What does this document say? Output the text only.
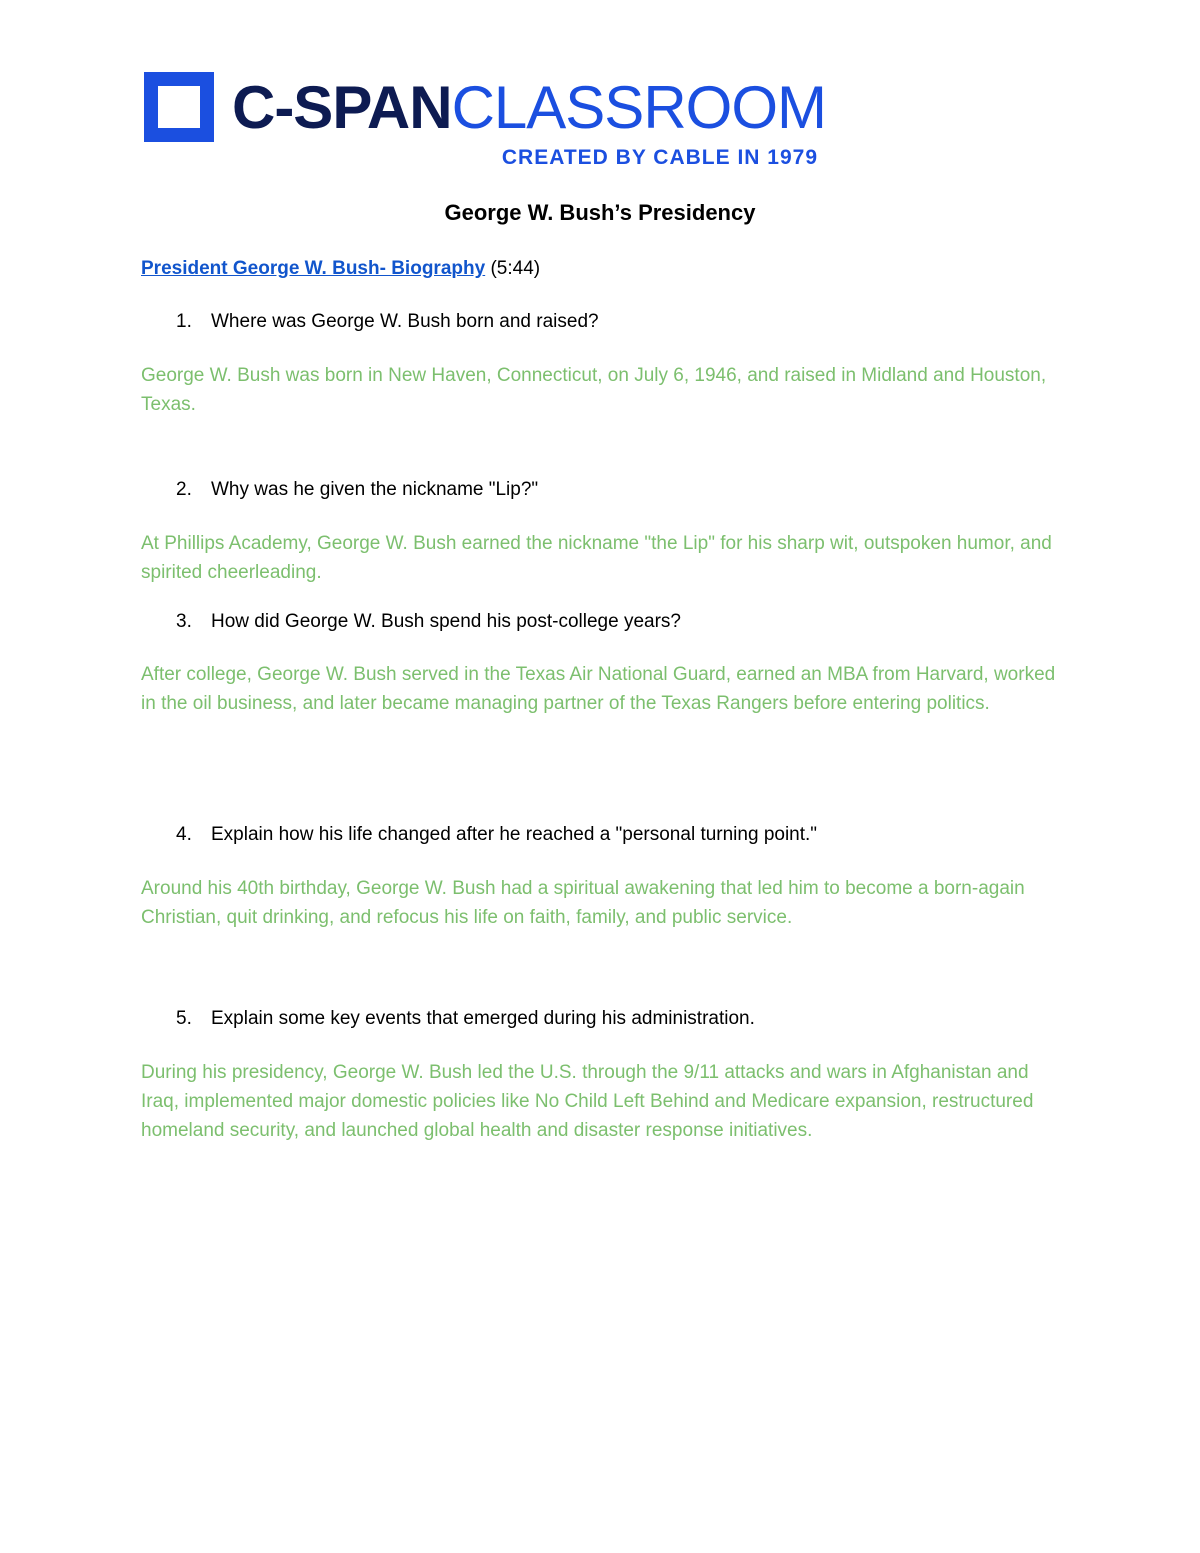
C-SPANCLASSROOM
CREATED BY CABLE IN 1979
George W. Bush’s Presidency
President George W. Bush- Biography (5:44)
1. Where was George W. Bush born and raised?
George W. Bush was born in New Haven, Connecticut, on July 6, 1946, and raised in Midland and Houston, Texas.
2. Why was he given the nickname "Lip?"
At Phillips Academy, George W. Bush earned the nickname "the Lip" for his sharp wit, outspoken humor, and spirited cheerleading.
3. How did George W. Bush spend his post-college years?
After college, George W. Bush served in the Texas Air National Guard, earned an MBA from Harvard, worked in the oil business, and later became managing partner of the Texas Rangers before entering politics.
4. Explain how his life changed after he reached a "personal turning point."
Around his 40th birthday, George W. Bush had a spiritual awakening that led him to become a born-again Christian, quit drinking, and refocus his life on faith, family, and public service.
5. Explain some key events that emerged during his administration.
During his presidency, George W. Bush led the U.S. through the 9/11 attacks and wars in Afghanistan and Iraq, implemented major domestic policies like No Child Left Behind and Medicare expansion, restructured homeland security, and launched global health and disaster response initiatives.
